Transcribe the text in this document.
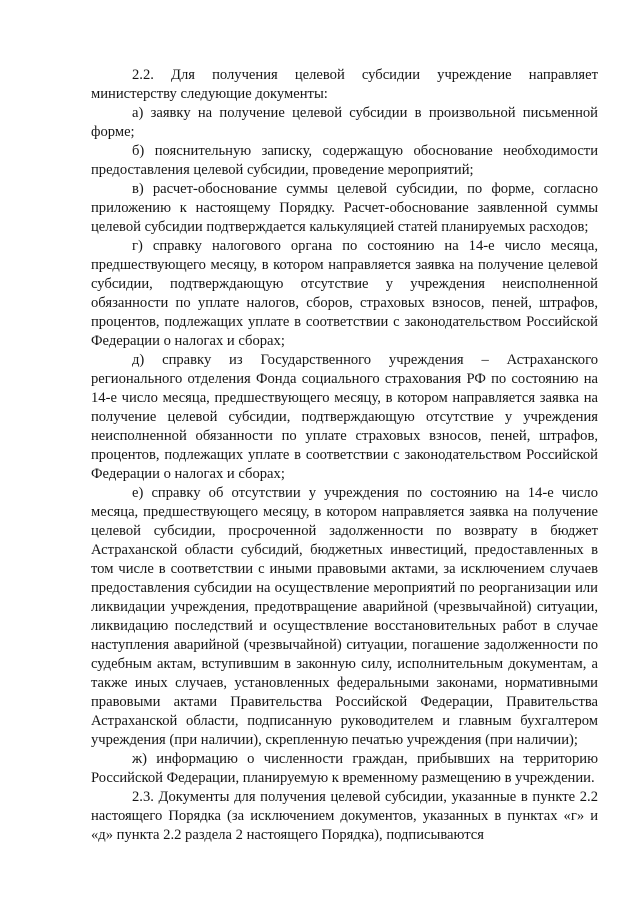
2.2. Для получения целевой субсидии учреждение направляет министерству следующие документы:

а) заявку на получение целевой субсидии в произвольной письменной форме;

б) пояснительную записку, содержащую обоснование необходимости предоставления целевой субсидии, проведение мероприятий;

в) расчет-обоснование суммы целевой субсидии, по форме, согласно приложению к настоящему Порядку. Расчет-обоснование заявленной суммы целевой субсидии подтверждается калькуляцией статей планируемых расходов;

г) справку налогового органа по состоянию на 14-е число месяца, предшествующего месяцу, в котором направляется заявка на получение целевой субсидии, подтверждающую отсутствие у учреждения неисполненной обязанности по уплате налогов, сборов, страховых взносов, пеней, штрафов, процентов, подлежащих уплате в соответствии с законодательством Российской Федерации о налогах и сборах;

д) справку из Государственного учреждения – Астраханского регионального отделения Фонда социального страхования РФ по состоянию на 14-е число месяца, предшествующего месяцу, в котором направляется заявка на получение целевой субсидии, подтверждающую отсутствие у учреждения неисполненной обязанности по уплате страховых взносов, пеней, штрафов, процентов, подлежащих уплате в соответствии с законодательством Российской Федерации о налогах и сборах;

е) справку об отсутствии у учреждения по состоянию на 14-е число месяца, предшествующего месяцу, в котором направляется заявка на получение целевой субсидии, просроченной задолженности по возврату в бюджет Астраханской области субсидий, бюджетных инвестиций, предоставленных в том числе в соответствии с иными правовыми актами, за исключением случаев предоставления субсидии на осуществление мероприятий по реорганизации или ликвидации учреждения, предотвращение аварийной (чрезвычайной) ситуации, ликвидацию последствий и осуществление восстановительных работ в случае наступления аварийной (чрезвычайной) ситуации, погашение задолженности по судебным актам, вступившим в законную силу, исполнительным документам, а также иных случаев, установленных федеральными законами, нормативными правовыми актами Правительства Российской Федерации, Правительства Астраханской области, подписанную руководителем и главным бухгалтером учреждения (при наличии), скрепленную печатью учреждения (при наличии);

ж) информацию о численности граждан, прибывших на территорию Российской Федерации, планируемую к временному размещению в учреждении.

2.3. Документы для получения целевой субсидии, указанные в пункте 2.2 настоящего Порядка (за исключением документов, указанных в пунктах «г» и «д» пункта 2.2 раздела 2 настоящего Порядка), подписываются
